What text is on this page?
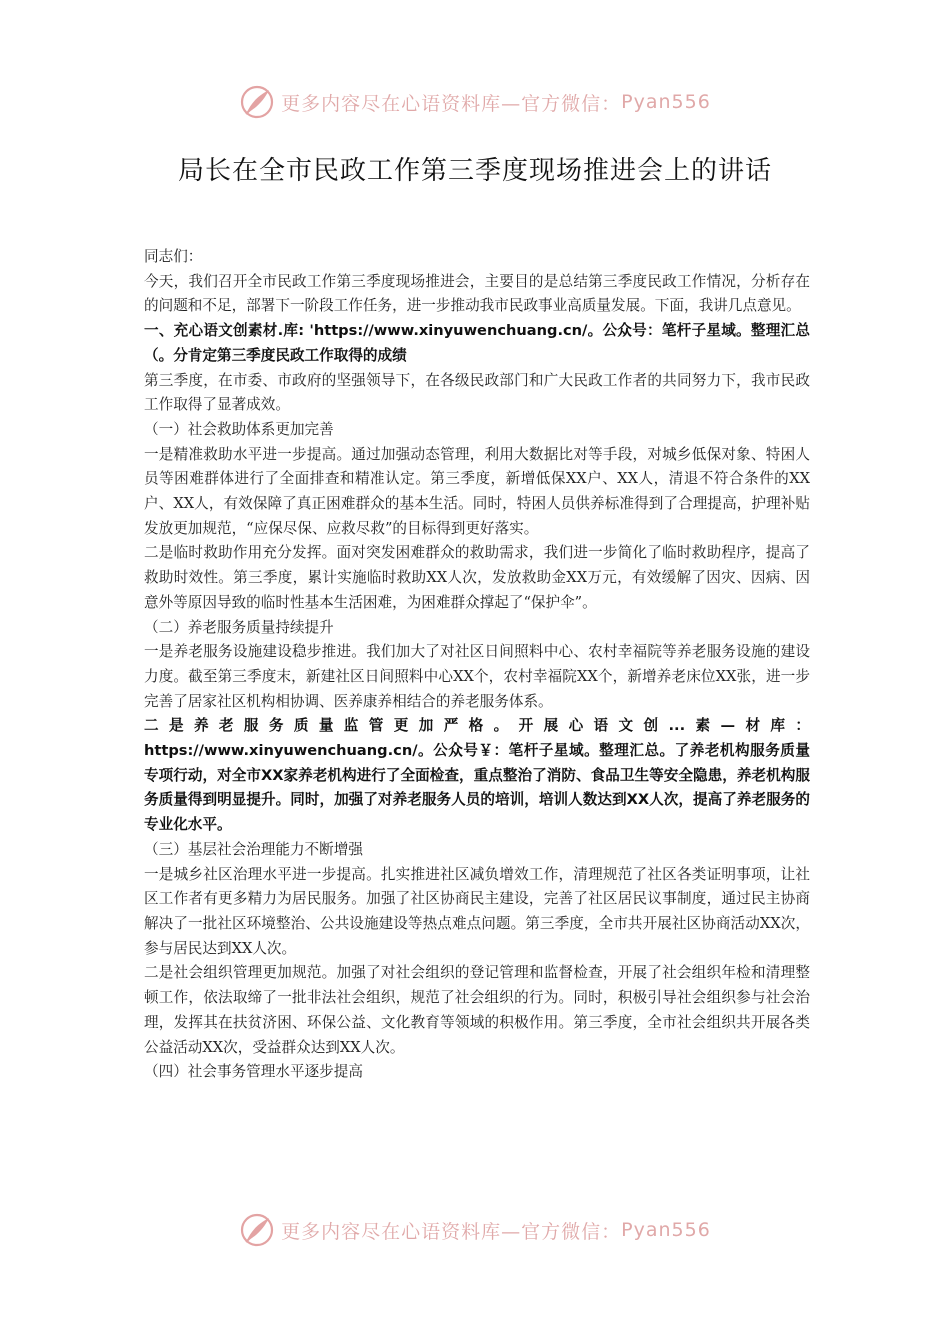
更多内容尽在心语资料库—官方微信： Pyan556
局长在全市民政工作第三季度现场推进会上的讲话

同志们：

今天，我们召开全市民政工作第三季度现场推进会，主要目的是总结第三季度民政工作情况，分析存在的问题和不足，部署下一阶段工作任务，进一步推动我市民政事业高质量发展。下面，我讲几点意见。

一、充心语文创素材.库: 'https://www.xinyuwenchuang.cn/。公众号：笔杆子星域。整理汇总（。分肯定第三季度民政工作取得的成绩

第三季度，在市委、市政府的坚强领导下，在各级民政部门和广大民政工作者的共同努力下，我市民政工作取得了显著成效。

（一）社会救助体系更加完善

一是精准救助水平进一步提高。通过加强动态管理，利用大数据比对等手段，对城乡低保对象、特困人员等困难群体进行了全面排查和精准认定。第三季度，新增低保XX户、XX人，清退不符合条件的XX户、XX人，有效保障了真正困难群众的基本生活。同时，特困人员供养标准得到了合理提高，护理补贴发放更加规范，“应保尽保、应救尽救”的目标得到更好落实。

二是临时救助作用充分发挥。面对突发困难群众的救助需求，我们进一步简化了临时救助程序，提高了救助时效性。第三季度，累计实施临时救助XX人次，发放救助金XX万元，有效缓解了因灾、因病、因意外等原因导致的临时性基本生活困难，为困难群众撑起了“保护伞”。

（二）养老服务质量持续提升

一是养老服务设施建设稳步推进。我们加大了对社区日间照料中心、农村幸福院等养老服务设施的建设力度。截至第三季度末，新建社区日间照料中心XX个，农村幸福院XX个，新增养老床位XX张，进一步完善了居家社区机构相协调、医养康养相结合的养老服务体系。

二是养老服务质量监管更加严格。开展心语文创...素—材库： https://www.xinyuwenchuang.cn/。公众号￥：笔杆子星域。整理汇总。了养老机构服务质量专项行动，对全市XX家养老机构进行了全面检查，重点整治了消防、食品卫生等安全隐患，养老机构服务质量得到明显提升。同时，加强了对养老服务人员的培训，培训人数达到XX人次，提高了养老服务的专业化水平。

（三）基层社会治理能力不断增强

一是城乡社区治理水平进一步提高。扎实推进社区减负增效工作，清理规范了社区各类证明事项，让社区工作者有更多精力为居民服务。加强了社区协商民主建设，完善了社区居民议事制度，通过民主协商解决了一批社区环境整治、公共设施建设等热点难点问题。第三季度，全市共开展社区协商活动XX次，参与居民达到XX人次。

二是社会组织管理更加规范。加强了对社会组织的登记管理和监督检查，开展了社会组织年检和清理整顿工作，依法取缔了一批非法社会组织，规范了社会组织的行为。同时，积极引导社会组织参与社会治理，发挥其在扶贫济困、环保公益、文化教育等领域的积极作用。第三季度，全市社会组织共开展各类公益活动XX次，受益群众达到XX人次。

（四）社会事务管理水平逐步提高

更多内容尽在心语资料库—官方微信： Pyan556
